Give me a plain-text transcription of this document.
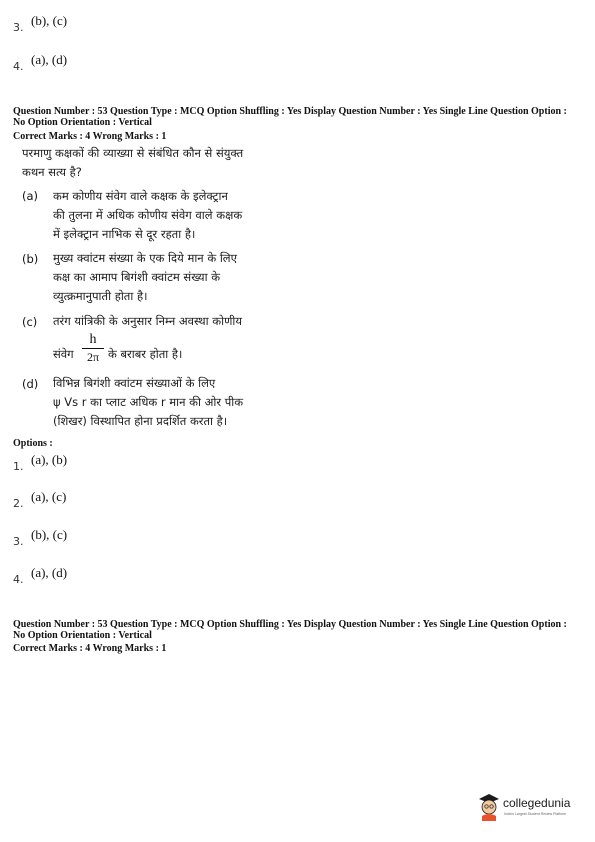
3. (b), (c)
4. (a), (d)
Question Number : 53 Question Type : MCQ Option Shuffling : Yes Display Question Number : Yes Single Line Question Option :
No Option Orientation : Vertical
Correct Marks : 4 Wrong Marks : 1
परमाणु कक्षकों की व्याख्या से संबंधित कौन से संयुक्त
कथन सत्य है?
(a) कम कोणीय संवेग वाले कक्षक के इलेक्ट्रान
की तुलना में अधिक कोणीय संवेग वाले कक्षक
में इलेक्ट्रान नाभिक से दूर रहता है।
(b) मुख्य क्वांटम संख्या के एक दिये मान के लिए
कक्ष का आमाप बिगंशी क्वांटम संख्या के
व्युत्क्रमानुपाती होता है।
(c) तरंग यांत्रिकी के अनुसार निम्न अवस्था कोणीय
संवेग $\frac{h}{2\pi}$ के बराबर होता है।
(d) विभिन्न बिगंशी क्वांटम संख्याओं के लिए
ψ Vs r का प्लाट अधिक r मान की ओर पीक
(शिखर) विस्थापित होना प्रदर्शित करता है।
Options :
1. (a), (b)
2. (a), (c)
3. (b), (c)
4. (a), (d)
Question Number : 53 Question Type : MCQ Option Shuffling : Yes Display Question Number : Yes Single Line Question Option :
No Option Orientation : Vertical
Correct Marks : 4 Wrong Marks : 1
collegedunia
India's Largest Student Review Platform
